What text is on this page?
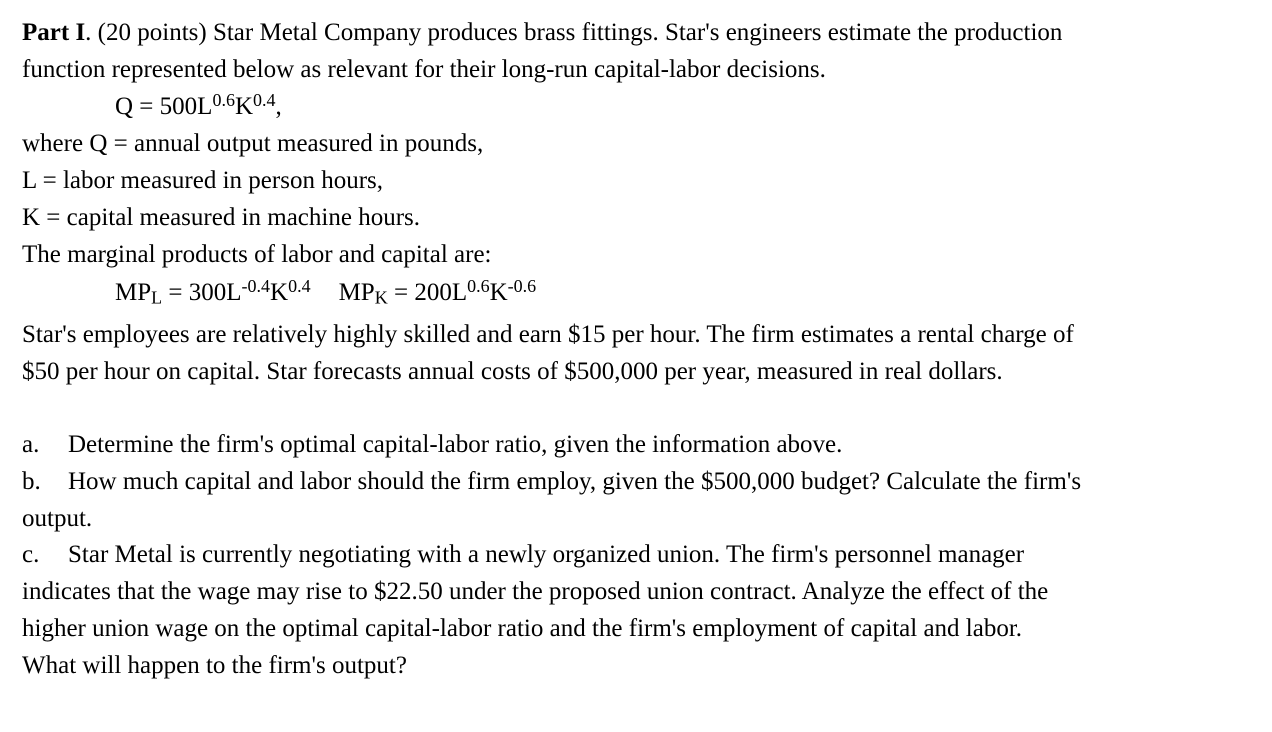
Part I. (20 points) Star Metal Company produces brass fittings. Star's engineers estimate the production
function represented below as relevant for their long-run capital-labor decisions.
$Q = 500L^{0.6}K^{0.4}$,
where Q = annual output measured in pounds,
L = labor measured in person hours,
K = capital measured in machine hours.
The marginal products of labor and capital are:
$MP_L = 300L^{-0.4}K^{0.4}$ $MP_K = 200L^{0.6}K^{-0.6}$
Star's employees are relatively highly skilled and earn $15 per hour. The firm estimates a rental charge of
$50 per hour on capital. Star forecasts annual costs of $500,000 per year, measured in real dollars.
a. Determine the firm's optimal capital-labor ratio, given the information above.
b. How much capital and labor should the firm employ, given the $500,000 budget? Calculate the firm's
output.
c. Star Metal is currently negotiating with a newly organized union. The firm's personnel manager
indicates that the wage may rise to $22.50 under the proposed union contract. Analyze the effect of the
higher union wage on the optimal capital-labor ratio and the firm's employment of capital and labor.
What will happen to the firm's output?
